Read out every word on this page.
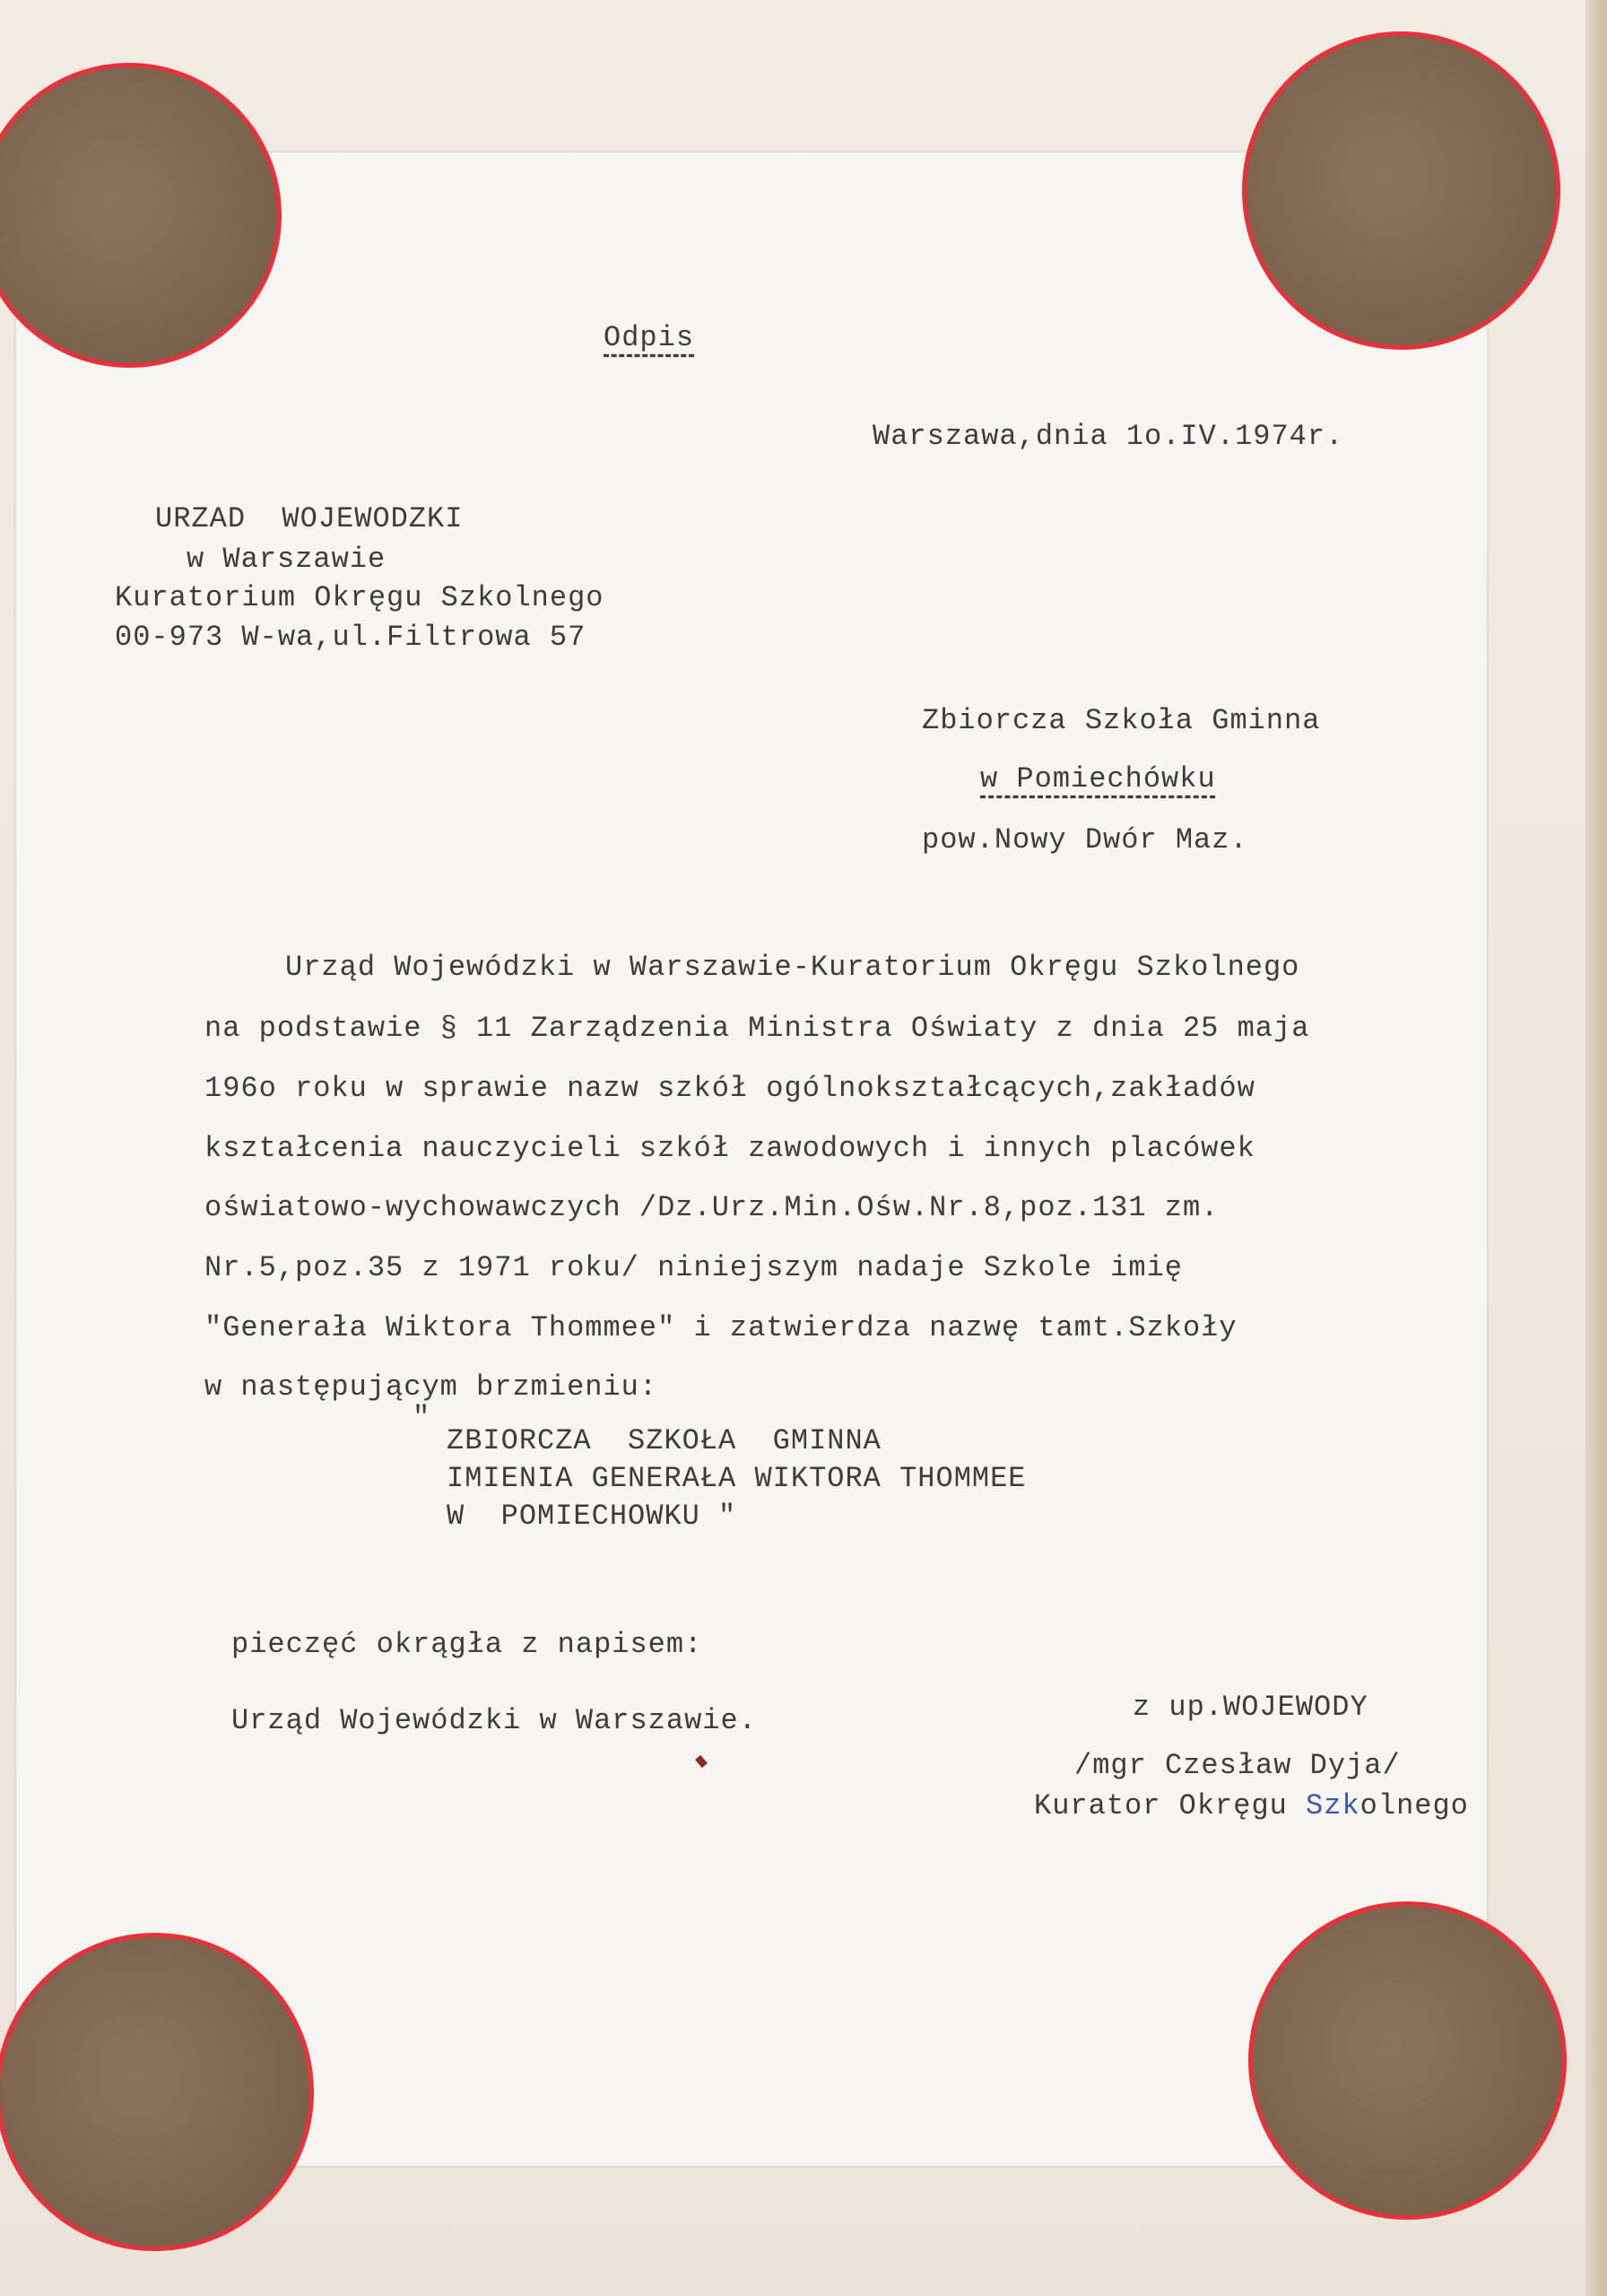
Odpis
Warszawa,dnia 1o.IV.1974r.
URZAD  WOJEWODZKI
w Warszawie
Kuratorium Okręgu Szkolnego
00-973 W-wa,ul.Filtrowa 57
Zbiorcza Szkoła Gminna
w Pomiechówku
pow.Nowy Dwór Maz.
Urząd Wojewódzki w Warszawie-Kuratorium Okręgu Szkolnego
na podstawie § 11 Zarządzenia Ministra Oświaty z dnia 25 maja
196o roku w sprawie nazw szkół ogólnokształcących,zakładów
kształcenia nauczycieli szkół zawodowych i innych placówek
oświatowo-wychowawczych /Dz.Urz.Min.Ośw.Nr.8,poz.131 zm.
Nr.5,poz.35 z 1971 roku/ niniejszym nadaje Szkole imię
"Generała Wiktora Thommee" i zatwierdza nazwę tamt.Szkoły
w następującym brzmieniu:
"
ZBIORCZA  SZKOŁA  GMINNA
IMIENIA GENERAŁA WIKTORA THOMMEE
W  POMIECHOWKU "
pieczęć okrągła z napisem:
Urząd Wojewódzki w Warszawie.	z up.WOJEWODY
/mgr Czesław Dyja/
Kurator Okręgu Szkolnego
